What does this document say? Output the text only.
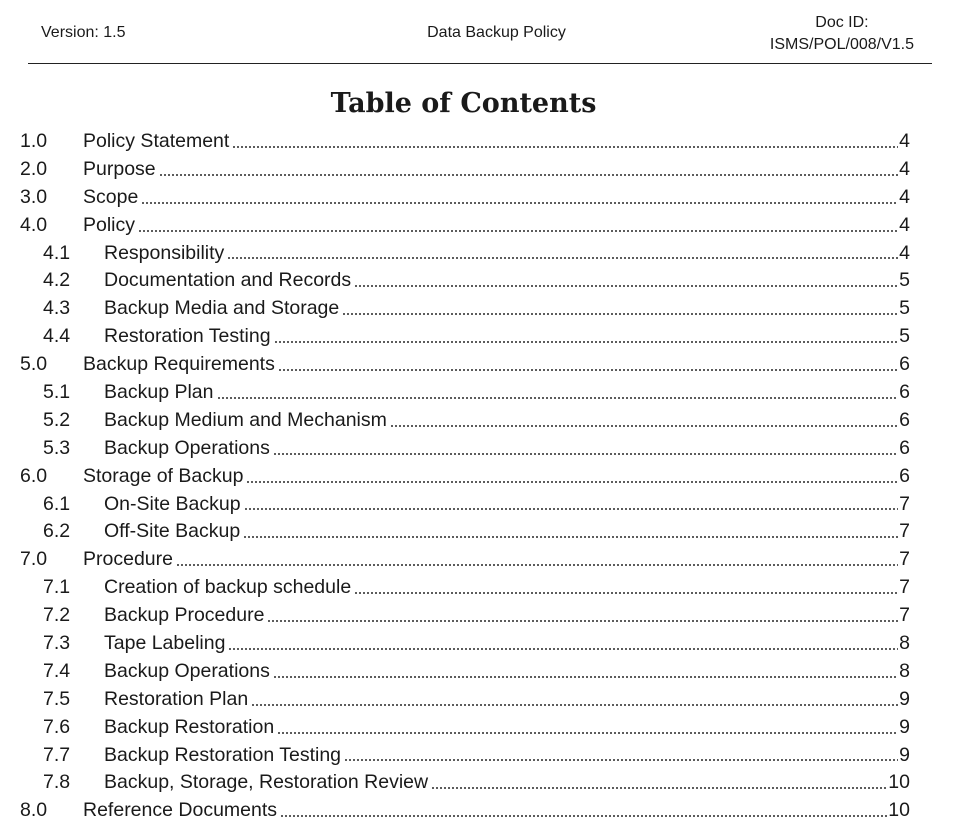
Version: 1.5	Data Backup Policy
Doc ID:
ISMS/POL/008/V1.5
Table of Contents
1.0 Policy Statement	4
2.0 Purpose	4
3.0 Scope	4
4.0 Policy	4
4.1 Responsibility	4
4.2 Documentation and Records	5
4.3 Backup Media and Storage	5
4.4 Restoration Testing	5
5.0 Backup Requirements	6
5.1 Backup Plan	6
5.2 Backup Medium and Mechanism	6
5.3 Backup Operations	6
6.0 Storage of Backup	6
6.1 On-Site Backup	7
6.2 Off-Site Backup	7
7.0 Procedure	7
7.1 Creation of backup schedule	7
7.2 Backup Procedure	7
7.3 Tape Labeling	8
7.4 Backup Operations	8
7.5 Restoration Plan	9
7.6 Backup Restoration	9
7.7 Backup Restoration Testing	9
7.8 Backup, Storage, Restoration Review	10
8.0 Reference Documents	10
